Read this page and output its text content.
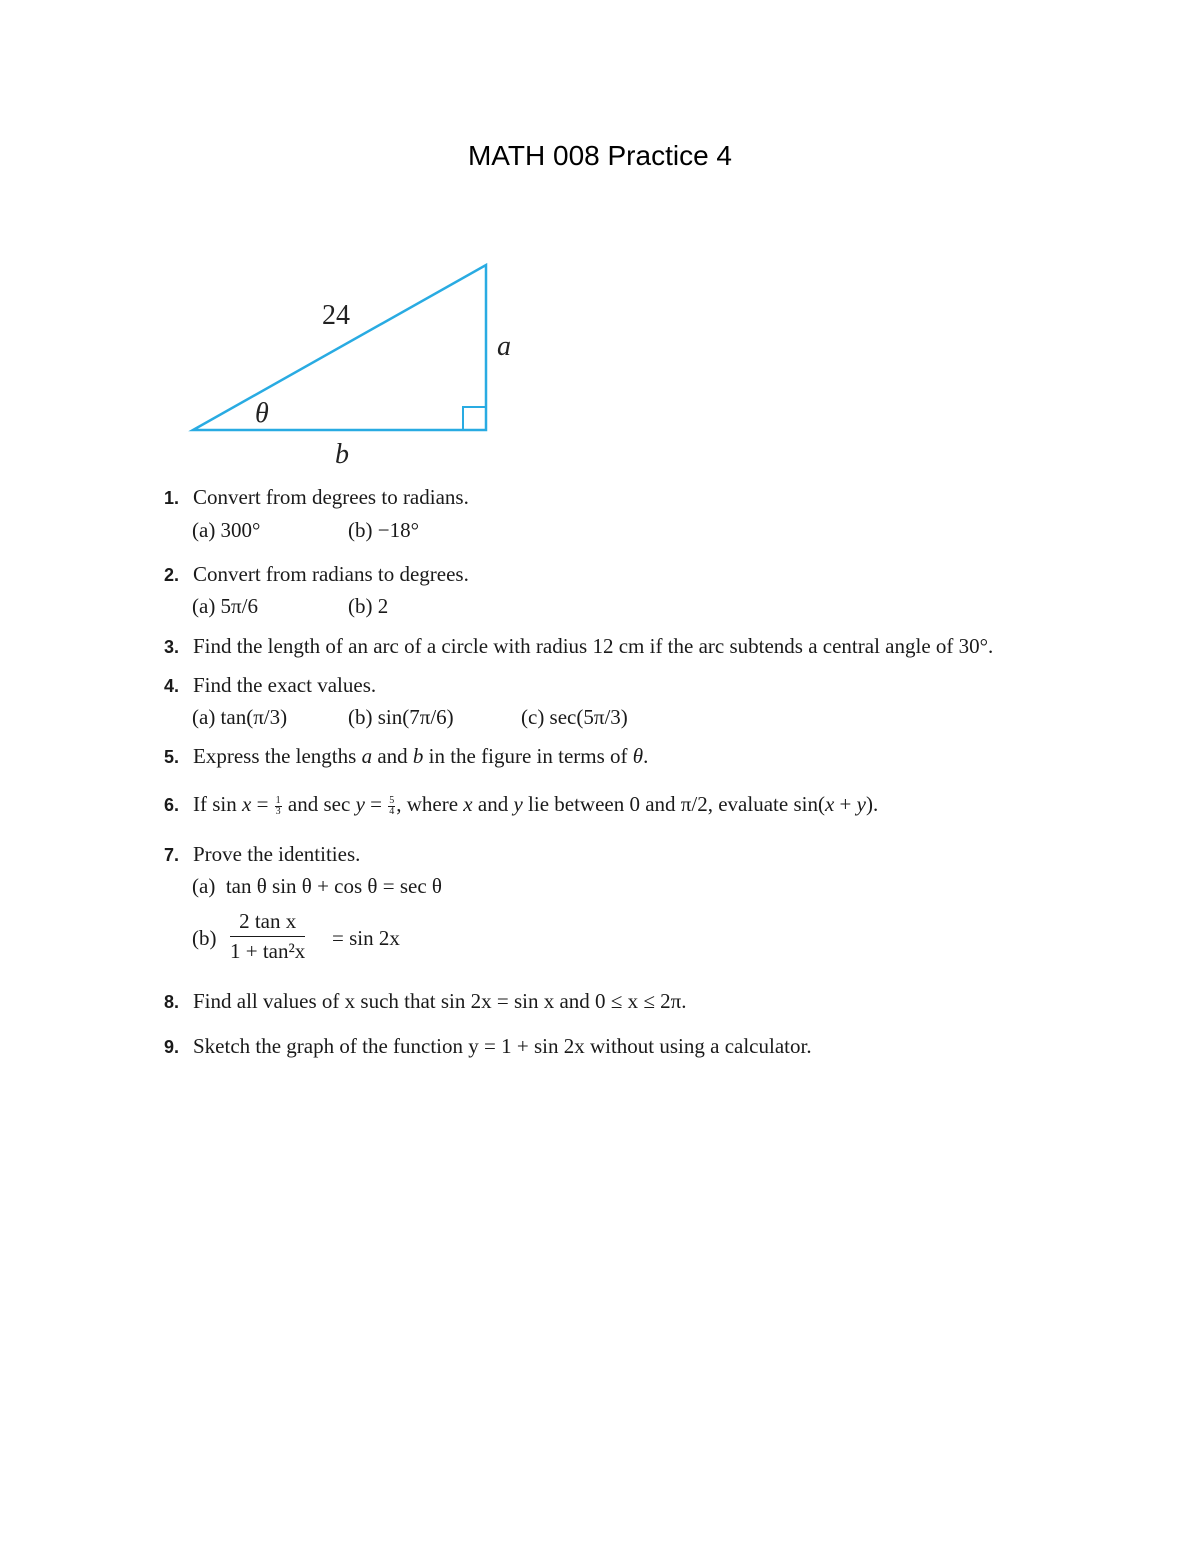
MATH 008 Practice 4
24
a
b
θ
1. Convert from degrees to radians.
(a) 300°	(b) −18°
2. Convert from radians to degrees.
(a) 5π/6	(b) 2
3. Find the length of an arc of a circle with radius 12 cm if the arc subtends a central angle of 30°.
4. Find the exact values.
(a) tan(π/3)	(b) sin(7π/6)	(c) sec(5π/3)
5. Express the lengths a and b in the figure in terms of θ.
6. If $\sin x = \frac{1}{3}$ and $\sec y = \frac{5}{4}$ , where x and y lie between 0 and π/2, evaluate sin(x + y).
7. Prove the identities.
(a) tan θ sin θ + cos θ = sec θ
$(b) \frac{\text{2 tan x}}{\text{1 + tan²x}} = \sin 2x$
8. Find all values of x such that sin 2x = sin x and 0 ≤ x ≤ 2π.
9. Sketch the graph of the function y = 1 + sin 2x without using a calculator.
